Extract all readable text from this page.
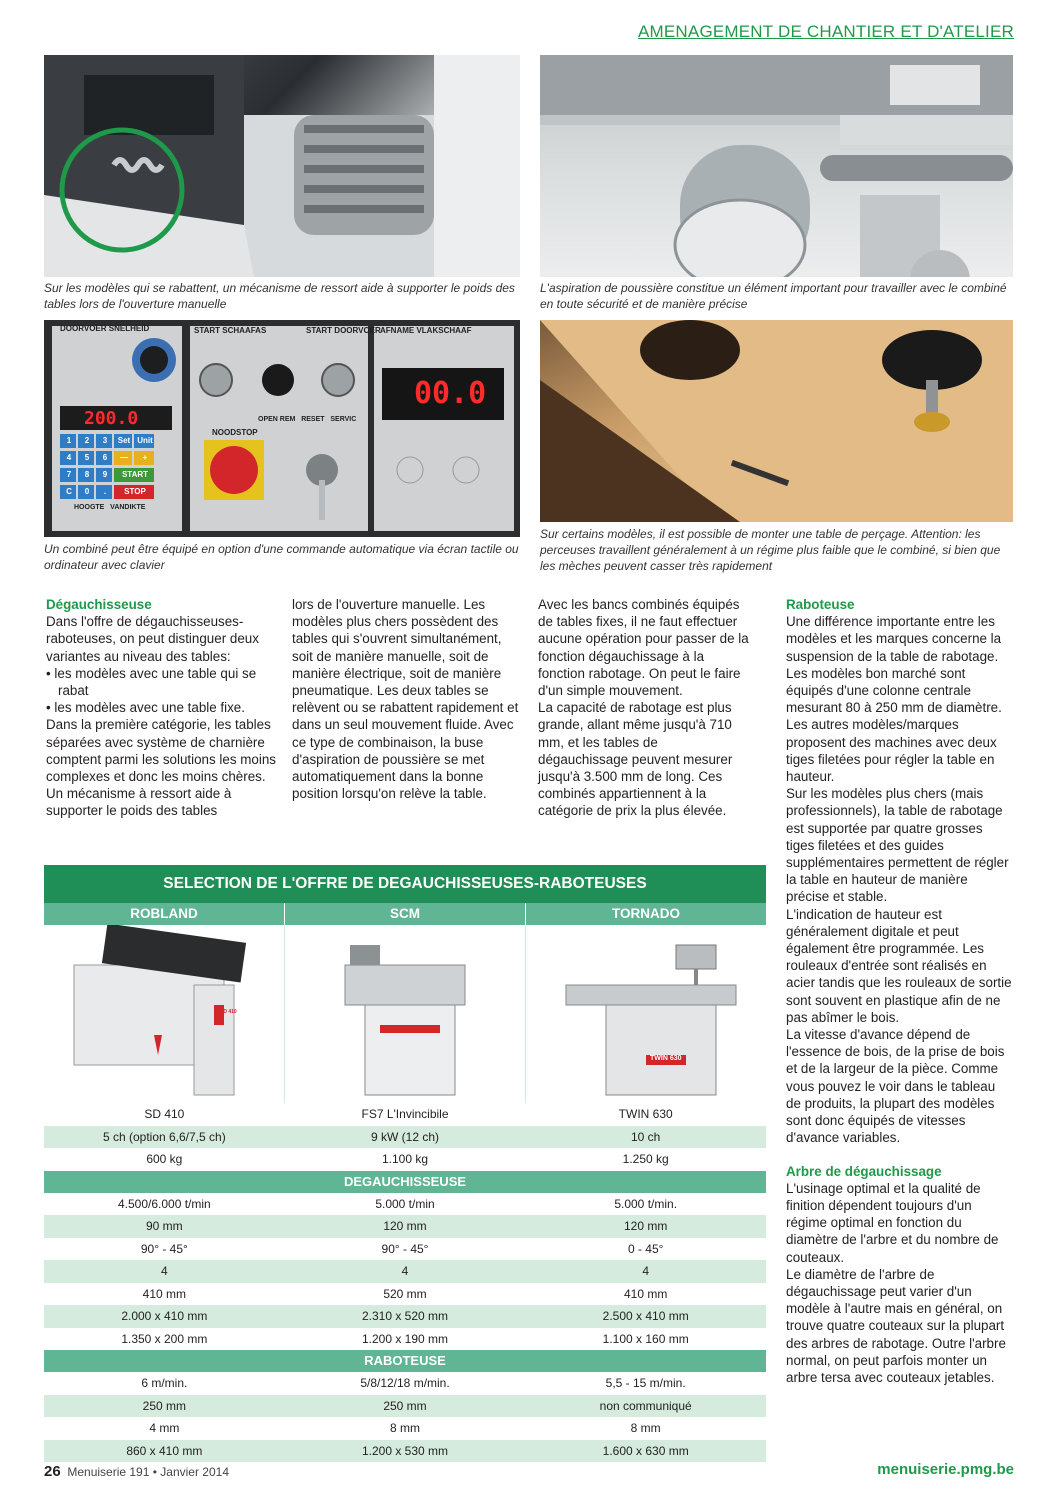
AMENAGEMENT DE CHANTIER ET D'ATELIER
Sur les modèles qui se rabattent, un mécanisme de ressort aide à supporter le poids des tables lors de l'ouverture manuelle
L'aspiration de poussière constitue un élément important pour travailler avec le combiné en toute sécurité et de manière précise
DOORVOER SNELHEID	START SCHAAFAS	START DOORVOER AFNAME VLAKSCHAAF
200.0
00.0
1	2	3	Set Unit
4	5	6	—	+
7	8	9	START
C	0	.	STOP
HOOGTE   VANDIKTE
NOODSTOP
OPEN REM RESET SERVIC
Un combiné peut être équipé en option d'une commande automatique via écran tactile ou ordinateur avec clavier
Sur certains modèles, il est possible de monter une table de perçage. Attention: les perceuses travaillent généralement à un régime plus faible que le combiné, si bien que les mèches peuvent casser très rapidement
Dégauchisseuse

Dans l'offre de dégauchisseuses-raboteuses, on peut distinguer deux variantes au niveau des tables:

• les modèles avec une table qui se rabat
• les modèles avec une table fixe.

Dans la première catégorie, les tables séparées avec système de charnière comptent parmi les solutions les moins complexes et donc les moins chères. Un mécanisme à ressort aide à supporter le poids des tables

lors de l'ouverture manuelle. Les modèles plus chers possèdent des tables qui s'ouvrent simultanément, soit de manière manuelle, soit de manière électrique, soit de manière pneumatique. Les deux tables se relèvent ou se rabattent rapidement et dans un seul mouvement fluide. Avec ce type de combinaison, la buse d'aspiration de poussière se met automatiquement dans la bonne position lorsqu'on relève la table.

Avec les bancs combinés équipés de tables fixes, il ne faut effectuer aucune opération pour passer de la fonction dégauchissage à la fonction rabotage. On peut le faire d'un simple mouvement.

La capacité de rabotage est plus grande, allant même jusqu'à 710 mm, et les tables de dégauchissage peuvent mesurer jusqu'à 3.500 mm de long. Ces combinés appartiennent à la catégorie de prix la plus élevée.

Raboteuse

Une différence importante entre les modèles et les marques concerne la suspension de la table de rabotage. Les modèles bon marché sont équipés d'une colonne centrale mesurant 80 à 250 mm de diamètre.

Les autres modèles/marques proposent des machines avec deux tiges filetées pour régler la table en hauteur.

Sur les modèles plus chers (mais professionnels), la table de rabotage est supportée par quatre grosses tiges filetées et des guides supplémentaires permettent de régler la table en hauteur de manière précise et stable.

L'indication de hauteur est généralement digitale et peut également être programmée. Les rouleaux d'entrée sont réalisés en acier tandis que les rouleaux de sortie sont souvent en plastique afin de ne pas abîmer le bois.

La vitesse d'avance dépend de l'essence de bois, de la prise de bois et de la largeur de la pièce. Comme vous pouvez le voir dans le tableau de produits, la plupart des modèles sont donc équipés de vitesses d'avance variables.

Arbre de dégauchissage

L'usinage optimal et la qualité de finition dépendent toujours d'un régime optimal en fonction du diamètre de l'arbre et du nombre de couteaux.

Le diamètre de l'arbre de dégauchissage peut varier d'un modèle à l'autre mais en général, on trouve quatre couteaux sur la plupart des arbres de rabotage. Outre l'arbre normal, on peut parfois monter un arbre tersa avec couteaux jetables.

SELECTION DE L'OFFRE DE DEGAUCHISSEUSES-RABOTEUSES
ROBLAND	SCM	TORNADO
SD 410
TWIN 630
SD 410	FS7 L'Invincibile	TWIN 630
5 ch (option 6,6/7,5 ch)	9 kW (12 ch)	10 ch
600 kg	1.100 kg	1.250 kg
DEGAUCHISSEUSE
4.500/6.000 t/min	5.000 t/min	5.000 t/min.
90 mm	120 mm	120 mm
90° - 45°	90° - 45°	0 - 45°
4	4	4
410 mm	520 mm	410 mm
2.000 x 410 mm	2.310 x 520 mm	2.500 x 410 mm
1.350 x 200 mm	1.200 x 190 mm	1.100 x 160 mm
RABOTEUSE
6 m/min.	5/8/12/18 m/min.	5,5 - 15 m/min.
250 mm	250 mm	non communiqué
4 mm	8 mm	8 mm
860 x 410 mm	1.200 x 530 mm	1.600 x 630 mm
26 Menuiserie 191 • Janvier 2014	menuiserie.pmg.be
